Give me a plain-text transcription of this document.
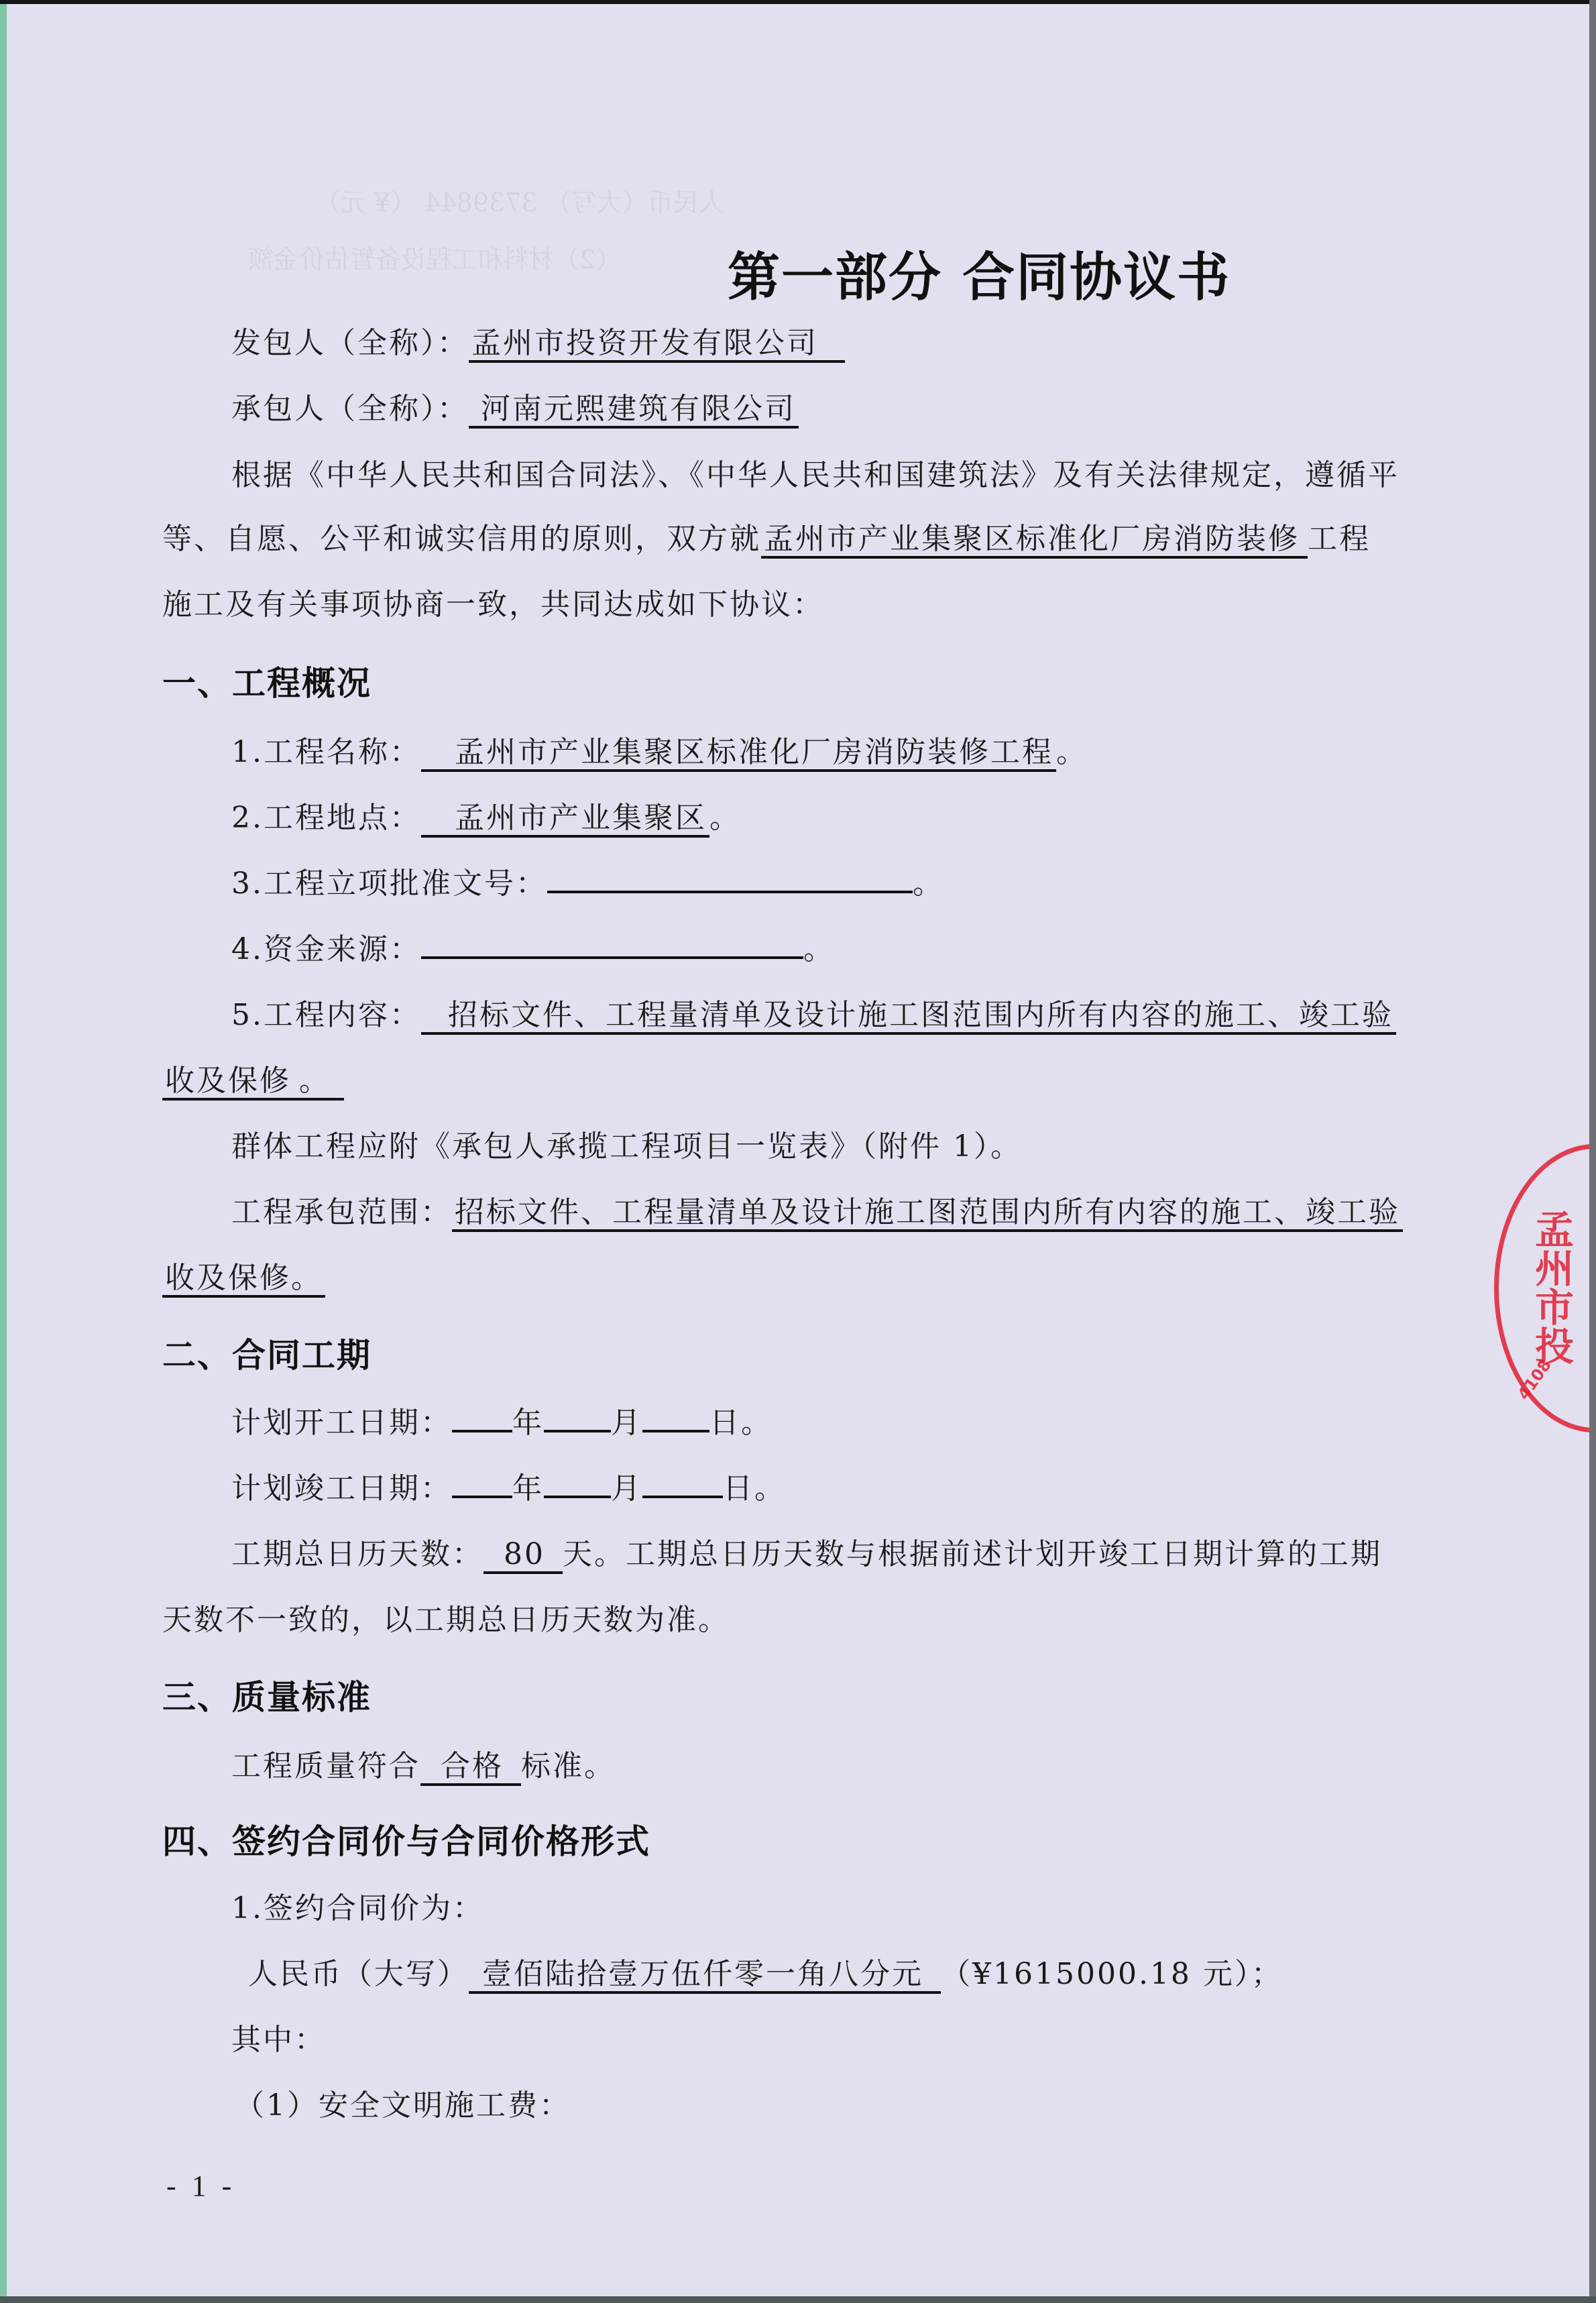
人民币（大写） 3739844 （¥ 元）
（2）材料和工程设备暂估价金额 第一部分 合同协议书
发包人（全称）：孟州市投资开发有限公司
承包人（全称）： 河南元熙建筑有限公司
根据《中华人民共和国合同法》、《中华人民共和国建筑法》及有关法律规定，遵循平
等、自愿、公平和诚实信用的原则，双方就孟州市产业集聚区标准化厂房消防装修 工程
施工及有关事项协商一致，共同达成如下协议：
一、工程概况
1.工程名称： 孟州市产业集聚区标准化厂房消防装修工程。
2.工程地点： 孟州市产业集聚区。
3.工程立项批准文号：	。
4.资金来源：	。
5.工程内容： 招标文件、工程量清单及设计施工图范围内所有内容的施工、竣工验
收及保修 。
群体工程应附《承包人承揽工程项目一览表》（附件 1）。
工程承包范围：招标文件、工程量清单及设计施工图范围内所有内容的施工、竣工验
收及保修。
二、合同工期
计划开工日期： 年 月 日。
计划竣工日期： 年 月	日。
工期总日历天数： 80 天。工期总日历天数与根据前述计划开竣工日期计算的工期
天数不一致的，以工期总日历天数为准。
三、质量标准
工程质量符合 合格 标准。
四、签约合同价与合同价格形式
1.签约合同价为：
人民币（大写） 壹佰陆拾壹万伍仟零一角八分元 （¥1615000.18 元）；
其中：
（1）安全文明施工费：
- 1 -
孟州市投
4108
